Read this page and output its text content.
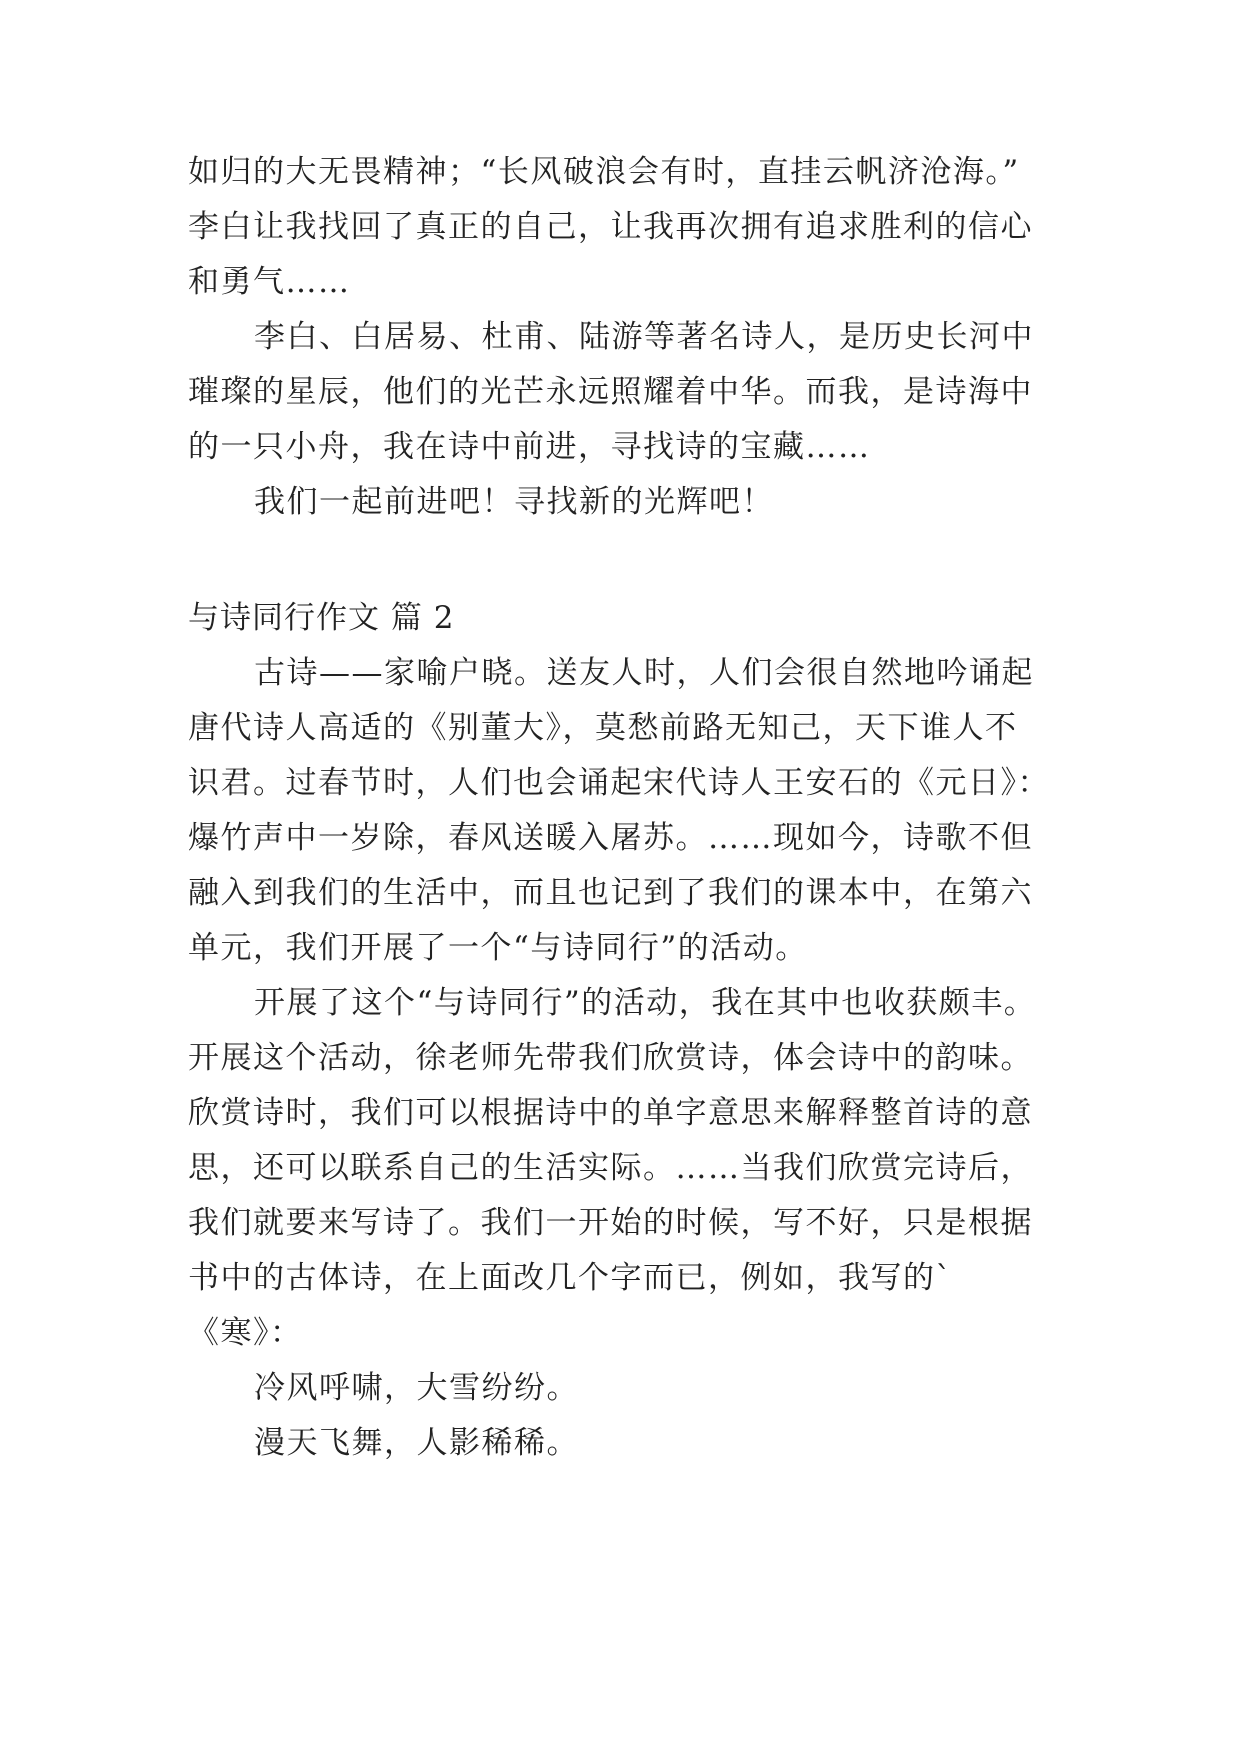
如归的大无畏精神；“长风破浪会有时，直挂云帆济沧海。”
李白让我找回了真正的自己，让我再次拥有追求胜利的信心
和勇气……
李白、白居易、杜甫、陆游等著名诗人，是历史长河中
璀璨的星辰，他们的光芒永远照耀着中华。而我，是诗海中
的一只小舟，我在诗中前进，寻找诗的宝藏……
我们一起前进吧！寻找新的光辉吧！
与诗同行作文 篇 2
古诗——家喻户晓。送友人时，人们会很自然地吟诵起
唐代诗人高适的《别董大》，莫愁前路无知己，天下谁人不
识君。过春节时，人们也会诵起宋代诗人王安石的《元日》：
爆竹声中一岁除，春风送暖入屠苏。……现如今，诗歌不但
融入到我们的生活中，而且也记到了我们的课本中，在第六
单元，我们开展了一个“与诗同行”的活动。
开展了这个“与诗同行”的活动，我在其中也收获颇丰。
开展这个活动，徐老师先带我们欣赏诗，体会诗中的韵味。
欣赏诗时，我们可以根据诗中的单字意思来解释整首诗的意
思，还可以联系自己的生活实际。……当我们欣赏完诗后，
我们就要来写诗了。我们一开始的时候，写不好，只是根据
书中的古体诗，在上面改几个字而已，例如，我写的`
《寒》：
冷风呼啸，大雪纷纷。
漫天飞舞，人影稀稀。
